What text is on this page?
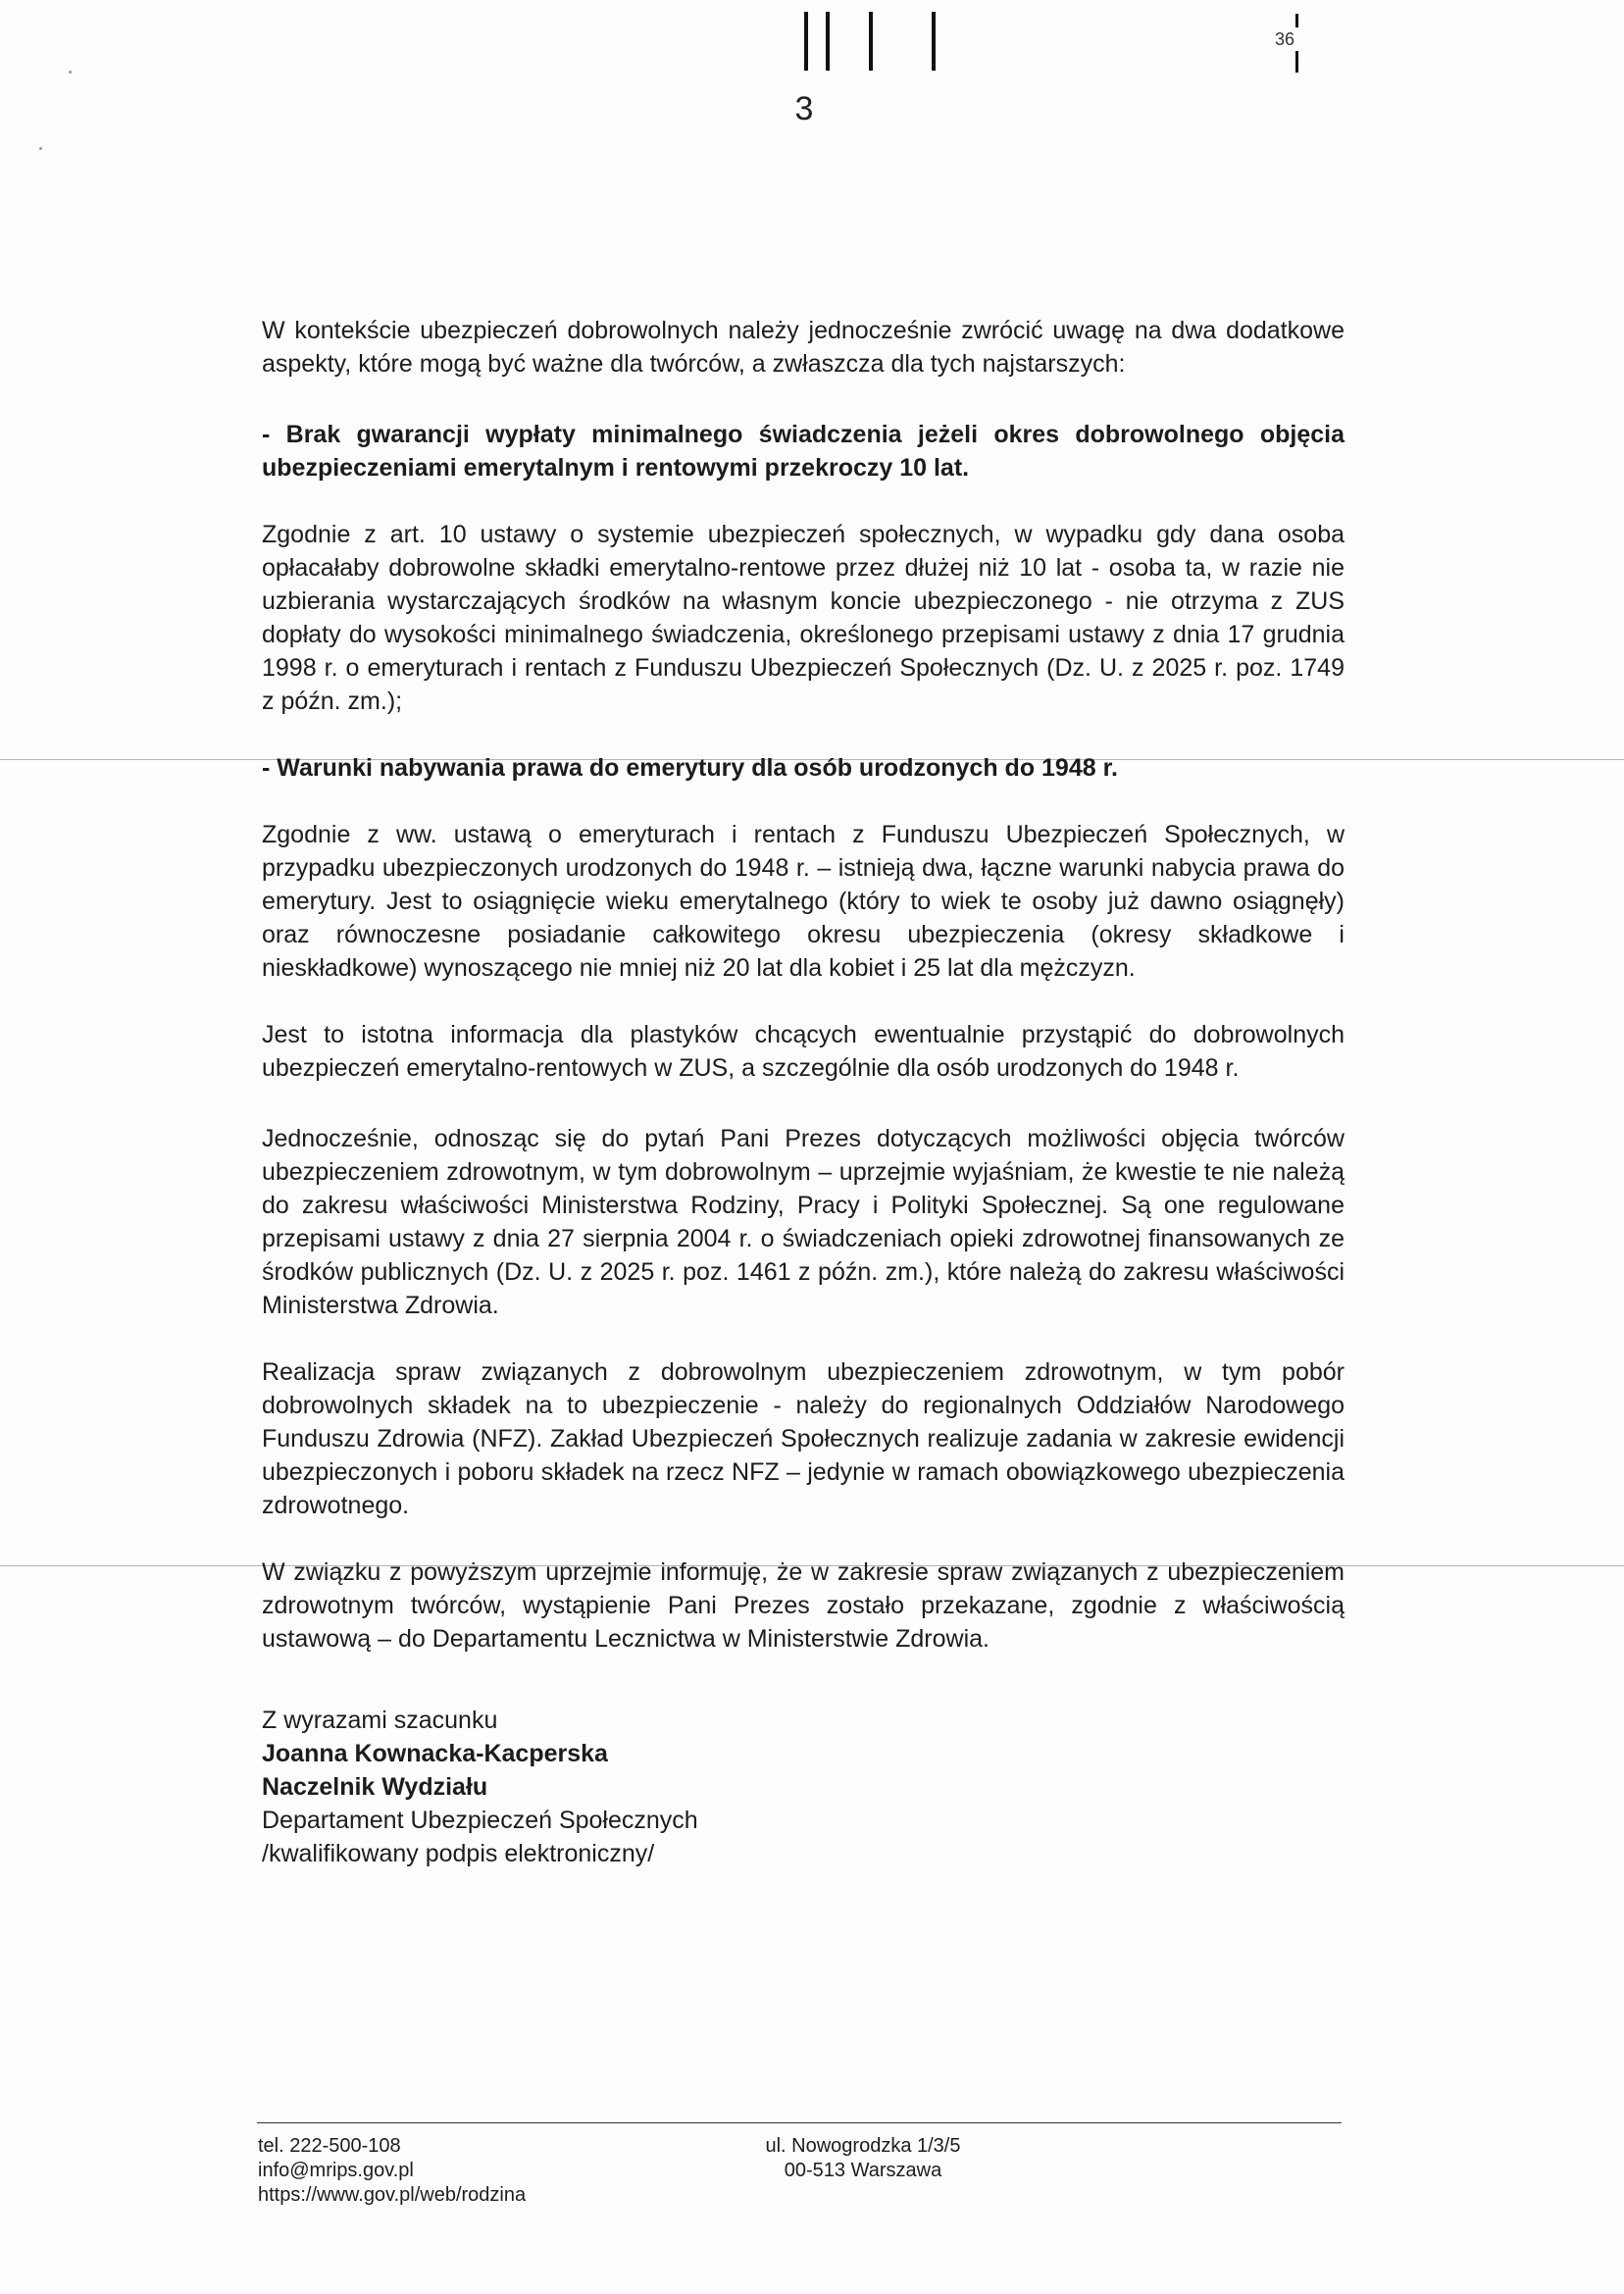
3
36

W kontekście ubezpieczeń dobrowolnych należy jednocześnie zwrócić uwagę na dwa dodatkowe aspekty, które mogą być ważne dla twórców, a zwłaszcza dla tych najstarszych:

- Brak gwarancji wypłaty minimalnego świadczenia jeżeli okres dobrowolnego objęcia ubezpieczeniami emerytalnym i rentowymi przekroczy 10 lat.

Zgodnie z art. 10 ustawy o systemie ubezpieczeń społecznych, w wypadku gdy dana osoba opłacałaby dobrowolne składki emerytalno-rentowe przez dłużej niż 10 lat - osoba ta, w razie nie uzbierania wystarczających środków na własnym koncie ubezpieczonego - nie otrzyma z ZUS dopłaty do wysokości minimalnego świadczenia, określonego przepisami ustawy z dnia 17 grudnia 1998 r. o emeryturach i rentach z Funduszu Ubezpieczeń Społecznych (Dz. U. z 2025 r. poz. 1749 z późn. zm.);

- Warunki nabywania prawa do emerytury dla osób urodzonych do 1948 r.

Zgodnie z ww. ustawą o emeryturach i rentach z Funduszu Ubezpieczeń Społecznych, w przypadku ubezpieczonych urodzonych do 1948 r. – istnieją dwa, łączne warunki nabycia prawa do emerytury. Jest to osiągnięcie wieku emerytalnego (który to wiek te osoby już dawno osiągnęły) oraz równoczesne posiadanie całkowitego okresu ubezpieczenia (okresy składkowe i nieskładkowe) wynoszącego nie mniej niż 20 lat dla kobiet i 25 lat dla mężczyzn.

Jest to istotna informacja dla plastyków chcących ewentualnie przystąpić do dobrowolnych ubezpieczeń emerytalno-rentowych w ZUS, a szczególnie dla osób urodzonych do 1948 r.

Jednocześnie, odnosząc się do pytań Pani Prezes dotyczących możliwości objęcia twórców ubezpieczeniem zdrowotnym, w tym dobrowolnym – uprzejmie wyjaśniam, że kwestie te nie należą do zakresu właściwości Ministerstwa Rodziny, Pracy i Polityki Społecznej. Są one regulowane przepisami ustawy z dnia 27 sierpnia 2004 r. o świadczeniach opieki zdrowotnej finansowanych ze środków publicznych (Dz. U. z 2025 r. poz. 1461 z późn. zm.), które należą do zakresu właściwości Ministerstwa Zdrowia.

Realizacja spraw związanych z dobrowolnym ubezpieczeniem zdrowotnym, w tym pobór dobrowolnych składek na to ubezpieczenie - należy do regionalnych Oddziałów Narodowego Funduszu Zdrowia (NFZ). Zakład Ubezpieczeń Społecznych realizuje zadania w zakresie ewidencji ubezpieczonych i poboru składek na rzecz NFZ – jedynie w ramach obowiązkowego ubezpieczenia zdrowotnego.

W związku z powyższym uprzejmie informuję, że w zakresie spraw związanych z ubezpieczeniem zdrowotnym twórców, wystąpienie Pani Prezes zostało przekazane, zgodnie z właściwością ustawową – do Departamentu Lecznictwa w Ministerstwie Zdrowia.

Z wyrazami szacunku
Joanna Kownacka-Kacperska
Naczelnik Wydziału
Departament Ubezpieczeń Społecznych
/kwalifikowany podpis elektroniczny/
tel. 222-500-108
info@mrips.gov.pl
https://www.gov.pl/web/rodzina
ul. Nowogrodzka 1/3/5
00-513 Warszawa
